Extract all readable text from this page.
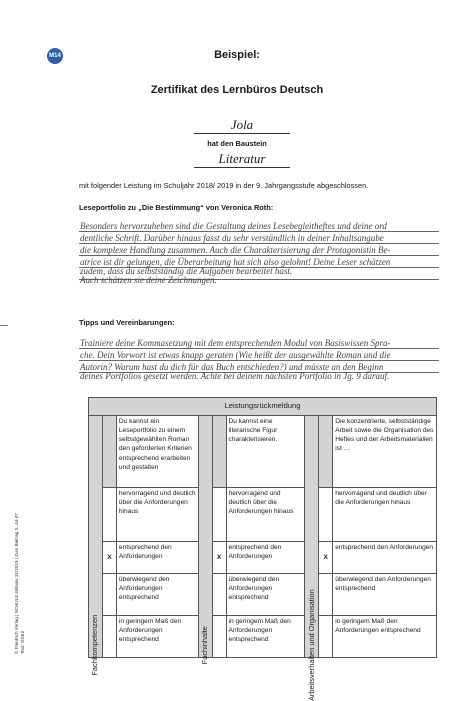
M14
© Friedrich Verlag | SCHULE inklusiv 31/2019 | Zum Beitrag S. 44-47 Text: GSE2
Beispiel:
Zertifikat des Lernbüros Deutsch
Jola
hat den Baustein
Literatur
mit folgender Leistung im Schuljahr 2018/ 2019 in der 9. Jahrgangsstufe abgeschlossen.
Leseportfolio zu „Die Bestimmung“ von Veronica Roth:
Besonders hervorzuheben sind die Gestaltung deines Lesebegleitheftes und deine ord
dentliche Schrift. Darüber hinaus fasst du sehr verständlich in deiner Inhaltsangabe
die komplexe Handlung zusammen. Auch die Charakterisierung der Protagonistin Be-
atrice ist dir gelungen, die Überarbeitung hat sich also gelohnt! Deine Leser schätzen
zudem, dass du selbstständig die Aufgaben bearbeitet hast.
Auch schätzen sie deine Zeichnungen.
Tipps und Vereinbarungen:
Trainiere deine Kommasetzung mit dem entsprechenden Modul von Basiswissen Spra-
che. Dein Vorwort ist etwas knapp geraten (Wie heißt der ausgewählte Roman und die
Autorin? Warum hast du dich für das Buch entschieden?) und müsste an den Beginn
deines Portfolios gesetzt werden. Achte bei deinem nächsten Portfolio in Jg. 9 darauf.
Leistungsrückmeldung								

Fachkompetenzen		Du kannst ein Leseportfolio zu einem selbstgewählten Roman den geforderten Kriterien entsprechend erarbeiten und gestalten	Fachinhalte		Du kannst eine literarische Figur charakterisieren.	Arbeitsverhalten und Organisation		Die konzentrierte, selbstständige Arbeit sowie die Organisation des Heftes und der Arbeitsmaterialien ist …
		hervorragend und deutlich über die Anforderungen hinaus			hervorragend und deutlich über die Anforderungen hinaus			hervorragend und deutlich über die Anforderungen hinaus
	X	entsprechend den Anforderungen		X	entsprechend den Anforderungen		X	entsprechend den Anforderungen
		überwiegend den Anforderungen entsprechend			überwiegend den Anforderungen entsprechend			überwiegend den Anforderungen entsprechend
		in geringem Maß den Anforderungen entsprechend			in geringem Maß den Anforderungen entsprechend			in geringem Maß den Anforderungen entsprechend
